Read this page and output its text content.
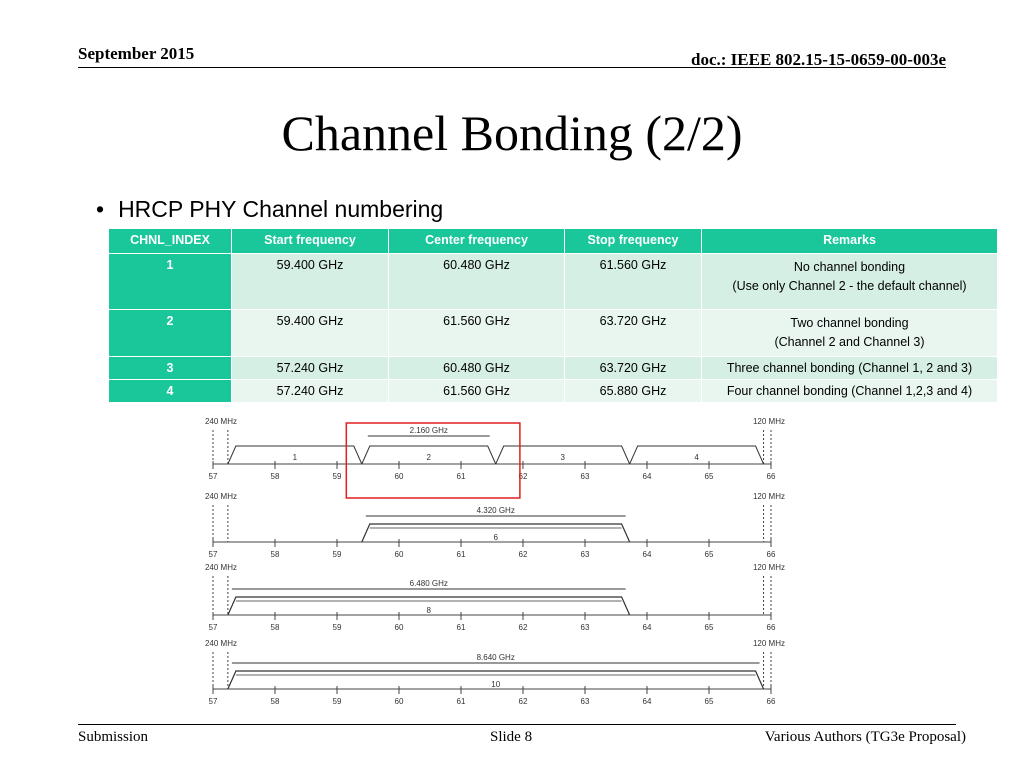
September 2015	doc.: IEEE 802.15-15-0659-00-003e
Channel Bonding (2/2)
• HRCP PHY Channel numbering
CHNL_INDEX	Start frequency	Center frequency	Stop frequency	Remarks
1	59.400 GHz	60.480 GHz	61.560 GHz	No channel bonding
(Use only Channel 2 - the default channel)

2	59.400 GHz	61.560 GHz	63.720 GHz	Two channel bonding
(Channel 2 and Channel 3)

3	57.240 GHz	60.480 GHz	63.720 GHz	Three channel bonding (Channel 1, 2 and 3)
4	57.240 GHz	61.560 GHz	65.880 GHz	Four channel bonding (Channel 1,2,3 and 4)
57	58	59	60	61	62	63	64	65	66
240 MHz	120 MHz
1	2	3	4
2.160 GHz
57	58	59	60	61	62	63	64	65	66
240 MHz	120 MHz
6
4.320 GHz
57	58	59	60	61	62	63	64	65	66
240 MHz	120 MHz
8
6.480 GHz
57	58	59	60	61	62	63	64	65	66
240 MHz	120 MHz
10
8.640 GHz
Submission	Slide 8	Various Authors (TG3e Proposal)
